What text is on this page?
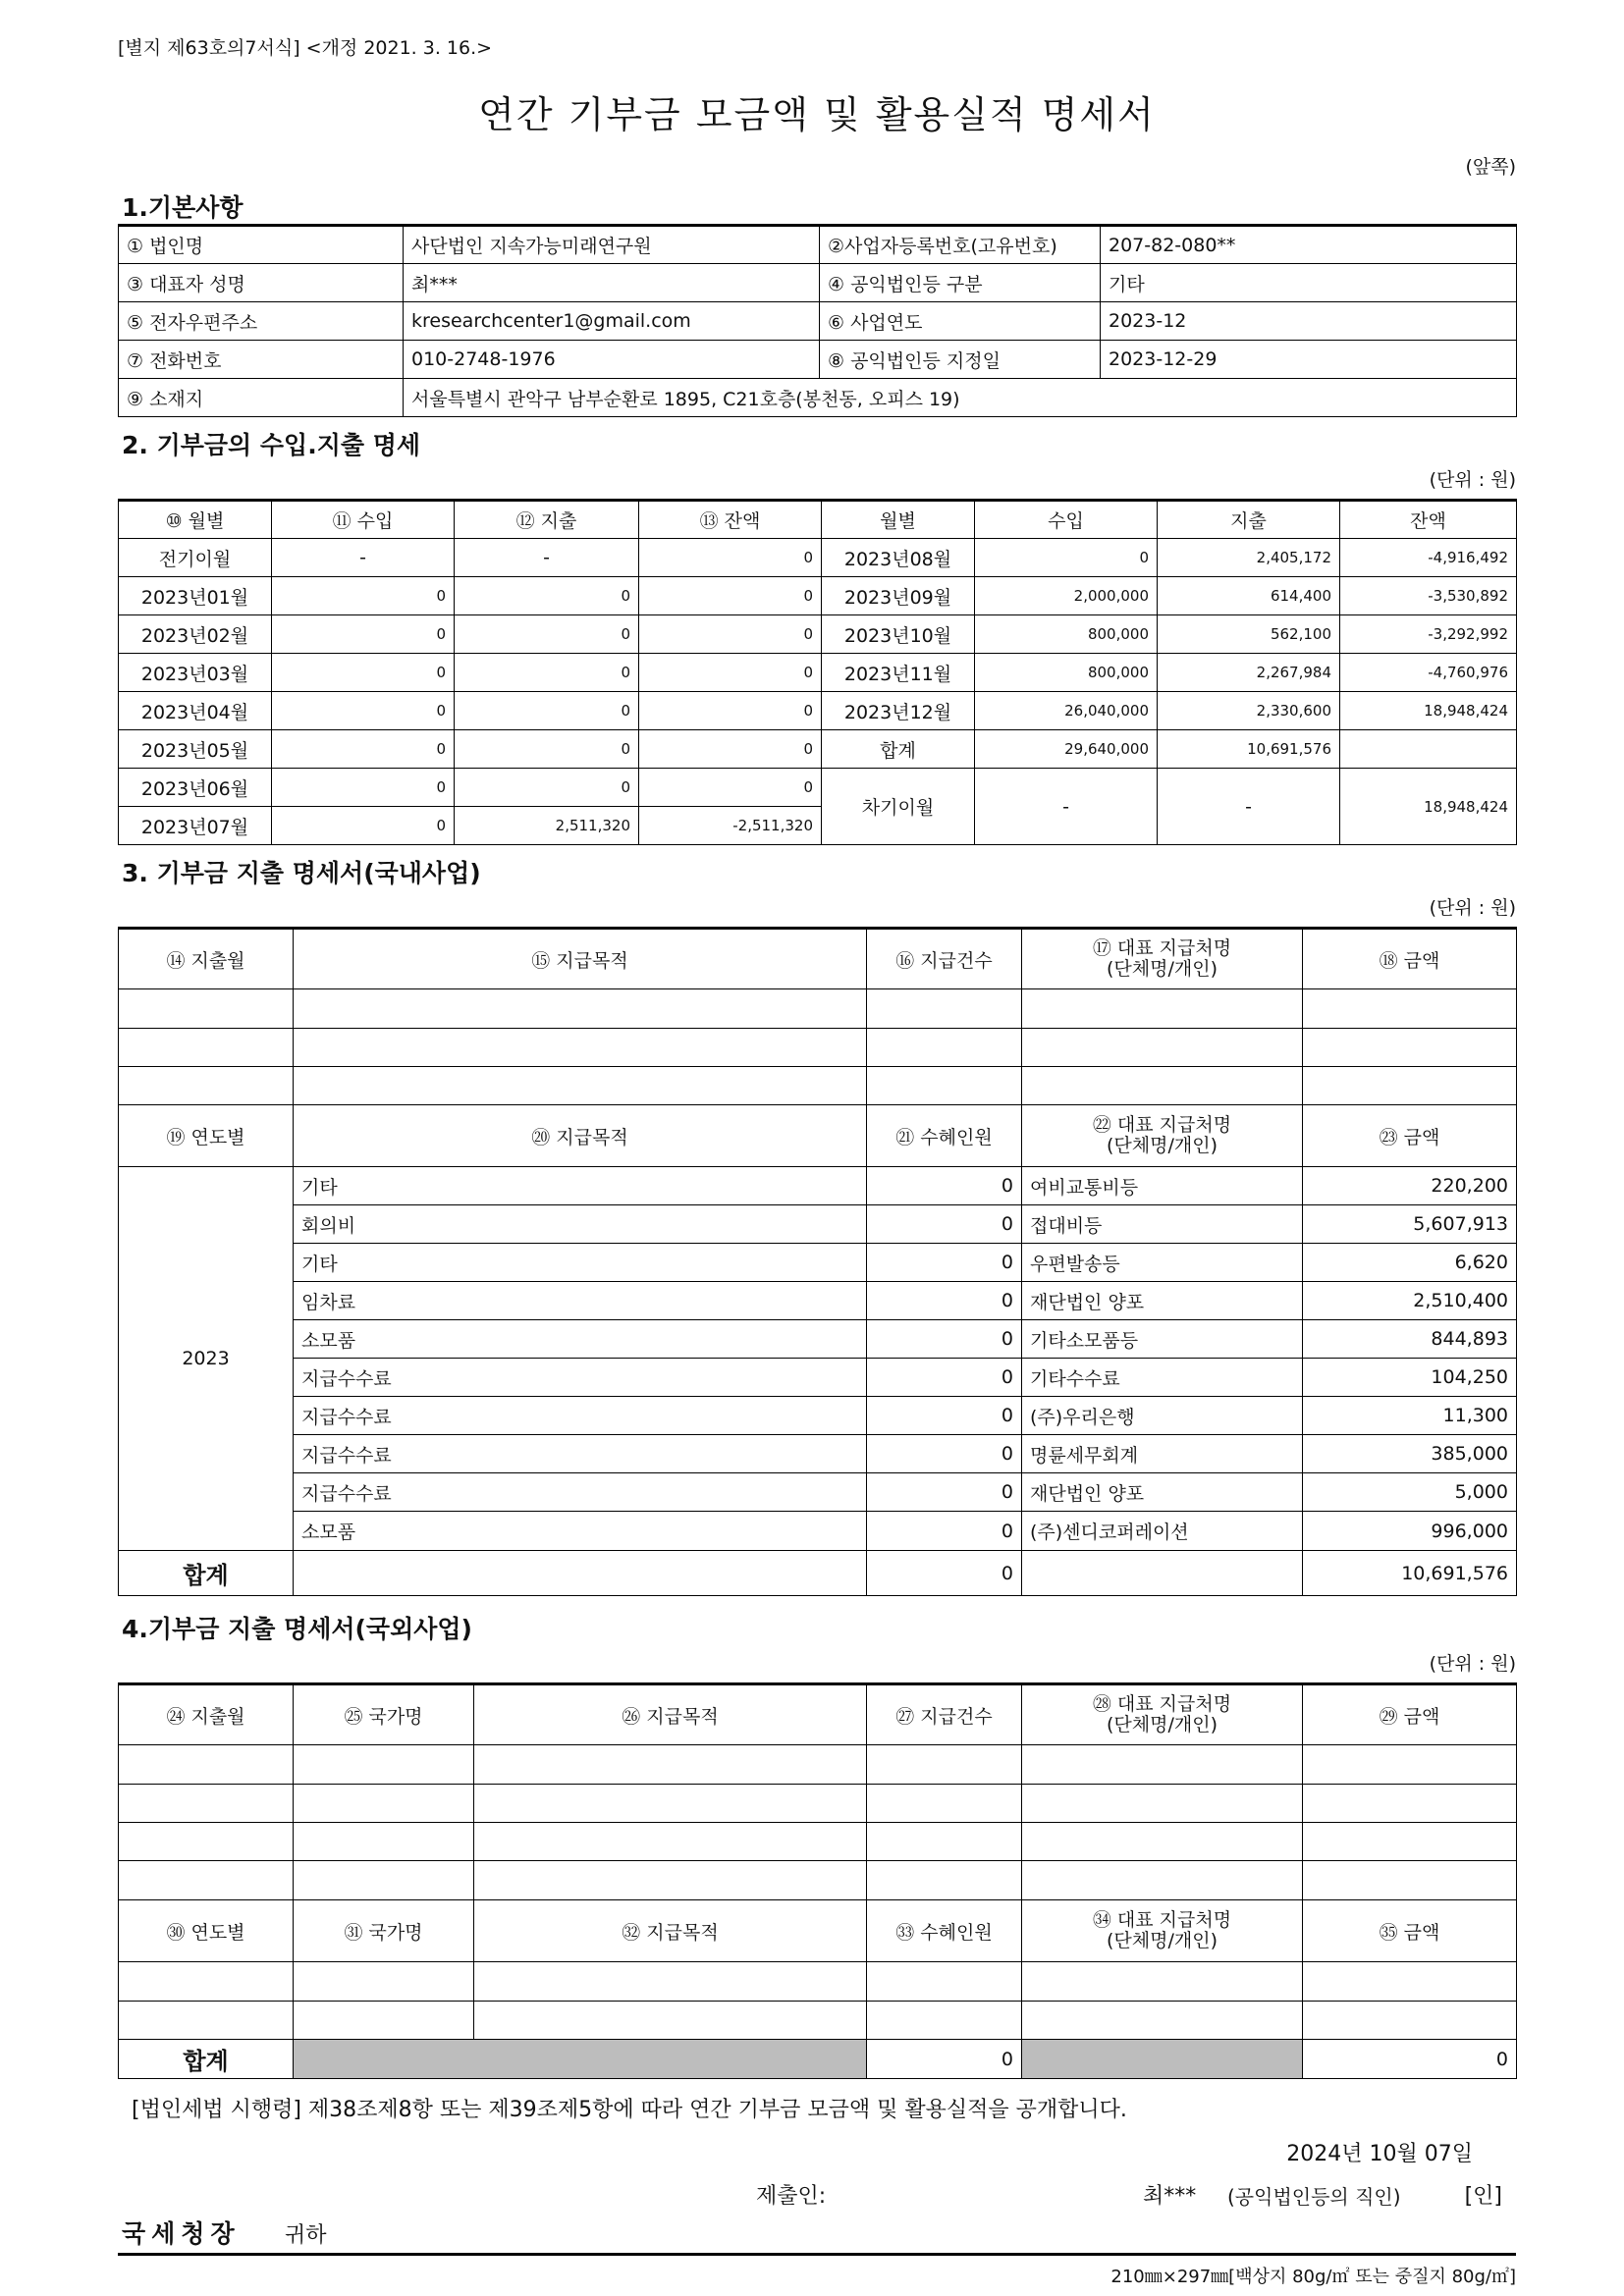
[별지 제63호의7서식] <개정 2021. 3. 16.>
연간 기부금 모금액 및 활용실적 명세서
(앞쪽)
1.기본사항
① 법인명	사단법인 지속가능미래연구원	②사업자등록번호(고유번호)	207-82-080**
③ 대표자 성명	최***	④ 공익법인등 구분	기타
⑤ 전자우편주소	kresearchcenter1@gmail.com	⑥ 사업연도	2023-12
⑦ 전화번호	010-2748-1976	⑧ 공익법인등 지정일	2023-12-29
⑨ 소재지	서울특별시 관악구 남부순환로 1895, C21호층(봉천동, 오피스 19)		
2. 기부금의 수입.지출 명세
(단위 : 원)
⑩ 월별	⑪ 수입	⑫ 지출	⑬ 잔액	월별	수입	지출	잔액
전기이월	-	-	0	2023년08월	0	2,405,172	-4,916,492
2023년01월	0	0	0	2023년09월	2,000,000	614,400	-3,530,892
2023년02월	0	0	0	2023년10월	800,000	562,100	-3,292,992
2023년03월	0	0	0	2023년11월	800,000	2,267,984	-4,760,976
2023년04월	0	0	0	2023년12월	26,040,000	2,330,600	18,948,424
2023년05월	0	0	0	합계	29,640,000	10,691,576	
2023년06월	0	0	0	차기이월	-	-	18,948,424
2023년07월	0	2,511,320	-2,511,320				
3. 기부금 지출 명세서(국내사업)
(단위 : 원)
⑭ 지출월	⑮ 지급목적	⑯ 지급건수	⑰ 대표 지급처명
(단체명/개인)	⑱ 금액

⑲ 연도별	⑳ 지급목적	㉑ 수혜인원	㉒ 대표 지급처명
(단체명/개인)	㉓ 금액
2023	기타	0	여비교통비등	220,200
	회의비	0	접대비등	5,607,913
	기타	0	우편발송등	6,620
	임차료	0	재단법인 양포	2,510,400
	소모품	0	기타소모품등	844,893
	지급수수료	0	기타수수료	104,250
	지급수수료	0	(주)우리은행	11,300
	지급수수료	0	명륜세무회계	385,000
	지급수수료	0	재단법인 양포	5,000
	소모품	0	(주)센디코퍼레이션	996,000
합계		0		10,691,576
4.기부금 지출 명세서(국외사업)
(단위 : 원)
㉔ 지출월	㉕ 국가명	㉖ 지급목적	㉗ 지급건수	㉘ 대표 지급처명
(단체명/개인)	㉙ 금액

㉚ 연도별	㉛ 국가명	㉜ 지급목적	㉝ 수혜인원	㉞ 대표 지급처명
(단체명/개인)	㉟ 금액

합계			0		0
[법인세법 시행령] 제38조제8항 또는 제39조제5항에 따라 연간 기부금 모금액 및 활용실적을 공개합니다.
2024년 10월 07일
제출인:	최*** (공익법인등의 직인)	[인]
국세청장 귀하
210㎜×297㎜[백상지 80g/㎡ 또는 중질지 80g/㎡]
